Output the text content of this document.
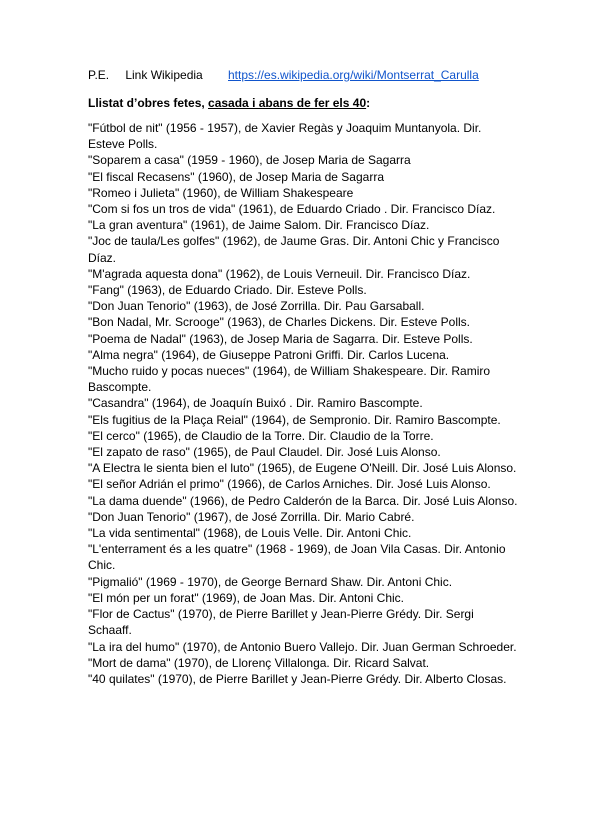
P.E. Link Wikipedia https://es.wikipedia.org/wiki/Montserrat_Carulla
Llistat d’obres fetes, casada i abans de fer els 40:
"Fútbol de nit" (1956 - 1957), de Xavier Regàs y Joaquim Muntanyola. Dir. Esteve Polls.
"Soparem a casa" (1959 - 1960), de Josep Maria de Sagarra
"El fiscal Recasens" (1960), de Josep Maria de Sagarra
"Romeo i Julieta" (1960), de William Shakespeare
"Com si fos un tros de vida" (1961), de Eduardo Criado . Dir. Francisco Díaz.
"La gran aventura" (1961), de Jaime Salom. Dir. Francisco Díaz.
"Joc de taula/Les golfes" (1962), de Jaume Gras. Dir. Antoni Chic y Francisco Díaz.
"M'agrada aquesta dona" (1962), de Louis Verneuil. Dir. Francisco Díaz.
"Fang" (1963), de Eduardo Criado. Dir. Esteve Polls.
"Don Juan Tenorio" (1963), de José Zorrilla. Dir. Pau Garsaball.
"Bon Nadal, Mr. Scrooge" (1963), de Charles Dickens. Dir. Esteve Polls.
"Poema de Nadal" (1963), de Josep Maria de Sagarra. Dir. Esteve Polls.
"Alma negra" (1964), de Giuseppe Patroni Griffi. Dir. Carlos Lucena.
"Mucho ruido y pocas nueces" (1964), de William Shakespeare. Dir. Ramiro Bascompte.
"Casandra" (1964), de Joaquín Buixó . Dir. Ramiro Bascompte.
"Els fugitius de la Plaça Reial" (1964), de Sempronio. Dir. Ramiro Bascompte.
"El cerco" (1965), de Claudio de la Torre. Dir. Claudio de la Torre.
"El zapato de raso" (1965), de Paul Claudel. Dir. José Luis Alonso.
"A Electra le sienta bien el luto" (1965), de Eugene O'Neill. Dir. José Luis Alonso.
"El señor Adrián el primo" (1966), de Carlos Arniches. Dir. José Luis Alonso.
"La dama duende" (1966), de Pedro Calderón de la Barca. Dir. José Luis Alonso.
"Don Juan Tenorio" (1967), de José Zorrilla. Dir. Mario Cabré.
"La vida sentimental" (1968), de Louis Velle. Dir. Antoni Chic.
"L'enterrament és a les quatre" (1968 - 1969), de Joan Vila Casas. Dir. Antonio Chic.
"Pigmalió" (1969 - 1970), de George Bernard Shaw. Dir. Antoni Chic.
"El món per un forat" (1969), de Joan Mas. Dir. Antoni Chic.
"Flor de Cactus" (1970), de Pierre Barillet y Jean-Pierre Grédy. Dir. Sergi Schaaff.
"La ira del humo" (1970), de Antonio Buero Vallejo. Dir. Juan German Schroeder.
"Mort de dama" (1970), de Llorenç Villalonga. Dir. Ricard Salvat.
"40 quilates" (1970), de Pierre Barillet y Jean-Pierre Grédy. Dir. Alberto Closas.
